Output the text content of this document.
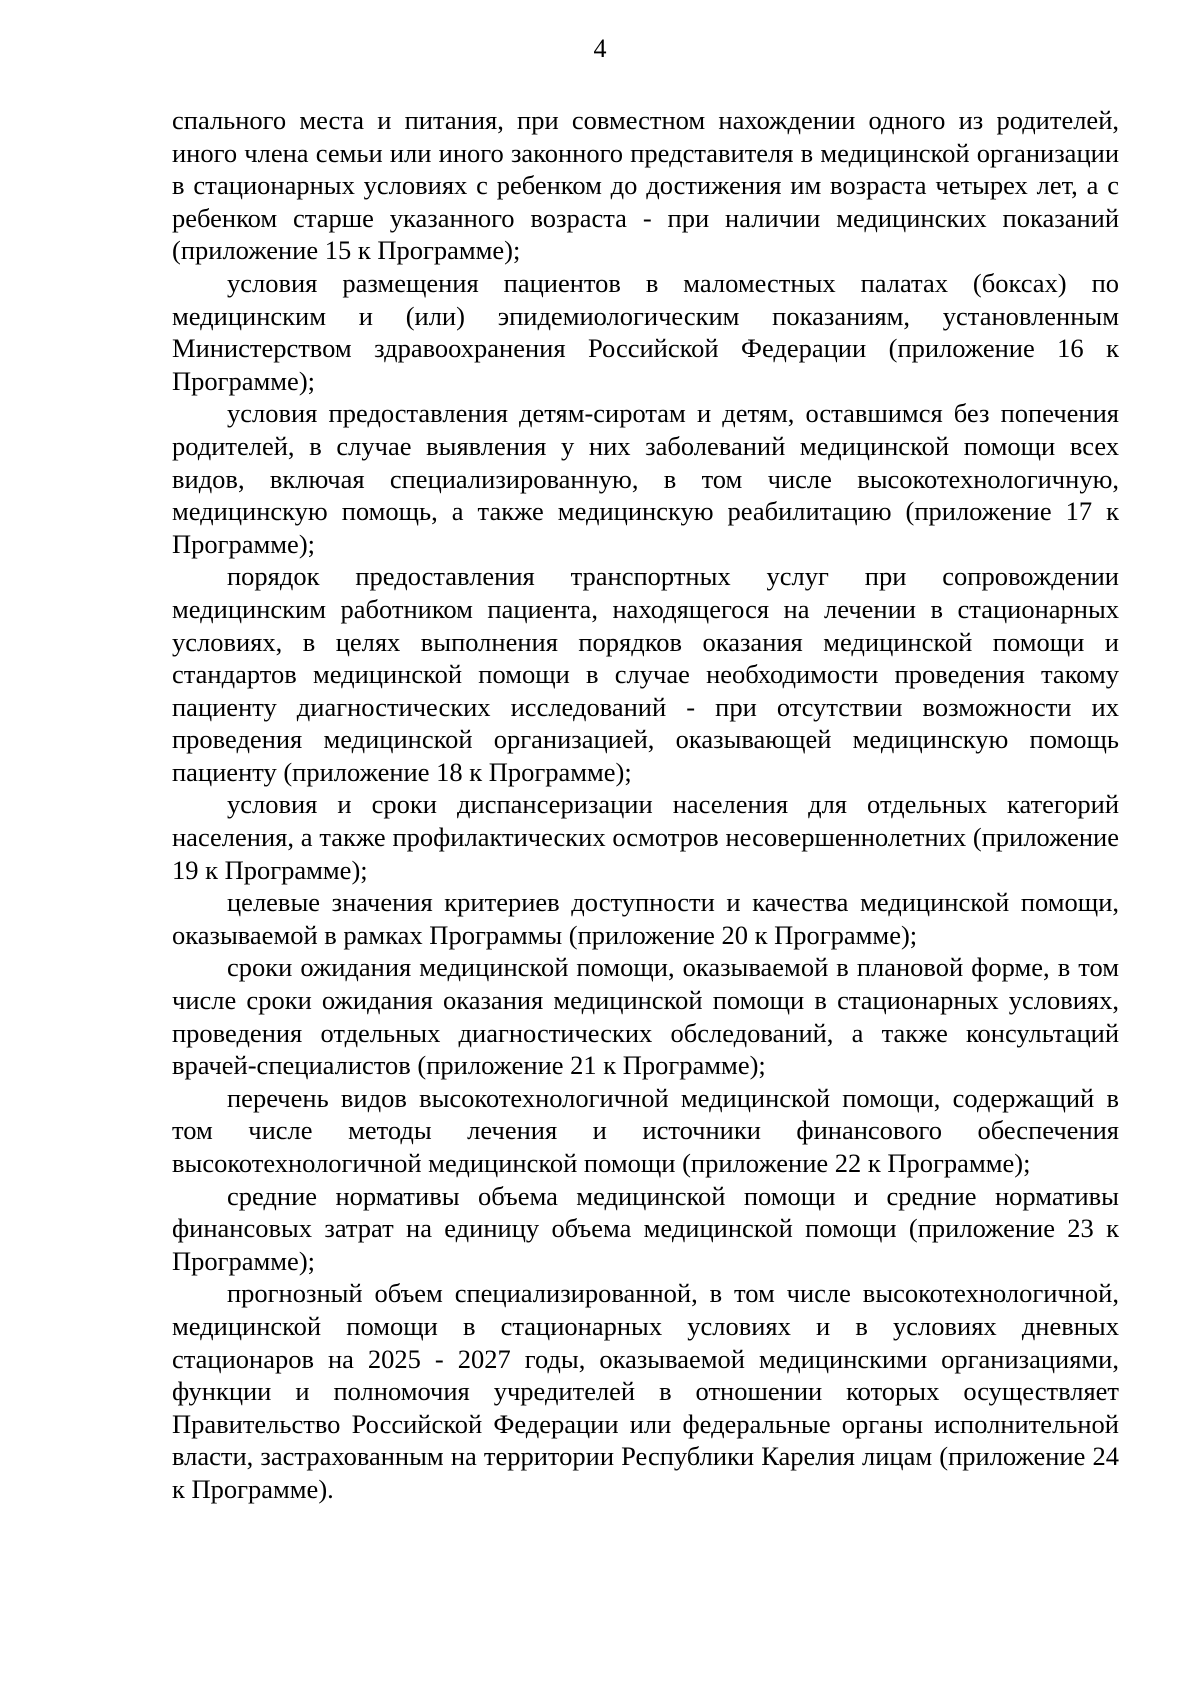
4

спального места и питания, при совместном нахождении одного из родителей, иного члена семьи или иного законного представителя в медицинской организации в стационарных условиях с ребенком до достижения им возраста четырех лет, а с ребенком старше указанного возраста - при наличии медицинских показаний (приложение 15 к Программе);

условия размещения пациентов в маломестных палатах (боксах) по медицинским и (или) эпидемиологическим показаниям, установленным Министерством здравоохранения Российской Федерации (приложение 16 к Программе);

условия предоставления детям-сиротам и детям, оставшимся без попечения родителей, в случае выявления у них заболеваний медицинской помощи всех видов, включая специализированную, в том числе высокотехнологичную, медицинскую помощь, а также медицинскую реабилитацию (приложение 17 к Программе);

порядок предоставления транспортных услуг при сопровождении медицинским работником пациента, находящегося на лечении в стационарных условиях, в целях выполнения порядков оказания медицинской помощи и стандартов медицинской помощи в случае необходимости проведения такому пациенту диагностических исследований - при отсутствии возможности их проведения медицинской организацией, оказывающей медицинскую помощь пациенту (приложение 18 к Программе);

условия и сроки диспансеризации населения для отдельных категорий населения, а также профилактических осмотров несовершеннолетних (приложение 19 к Программе);

целевые значения критериев доступности и качества медицинской помощи, оказываемой в рамках Программы (приложение 20 к Программе);

сроки ожидания медицинской помощи, оказываемой в плановой форме, в том числе сроки ожидания оказания медицинской помощи в стационарных условиях, проведения отдельных диагностических обследований, а также консультаций врачей-специалистов (приложение 21 к Программе);

перечень видов высокотехнологичной медицинской помощи, содержащий в том числе методы лечения и источники финансового обеспечения высокотехнологичной медицинской помощи (приложение 22 к Программе);

средние нормативы объема медицинской помощи и средние нормативы финансовых затрат на единицу объема медицинской помощи (приложение 23 к Программе);

прогнозный объем специализированной, в том числе высокотехнологичной, медицинской помощи в стационарных условиях и в условиях дневных стационаров на 2025 - 2027 годы, оказываемой медицинскими организациями, функции и полномочия учредителей в отношении которых осуществляет Правительство Российской Федерации или федеральные органы исполнительной власти, застрахованным на территории Республики Карелия лицам (приложение 24 к Программе).
